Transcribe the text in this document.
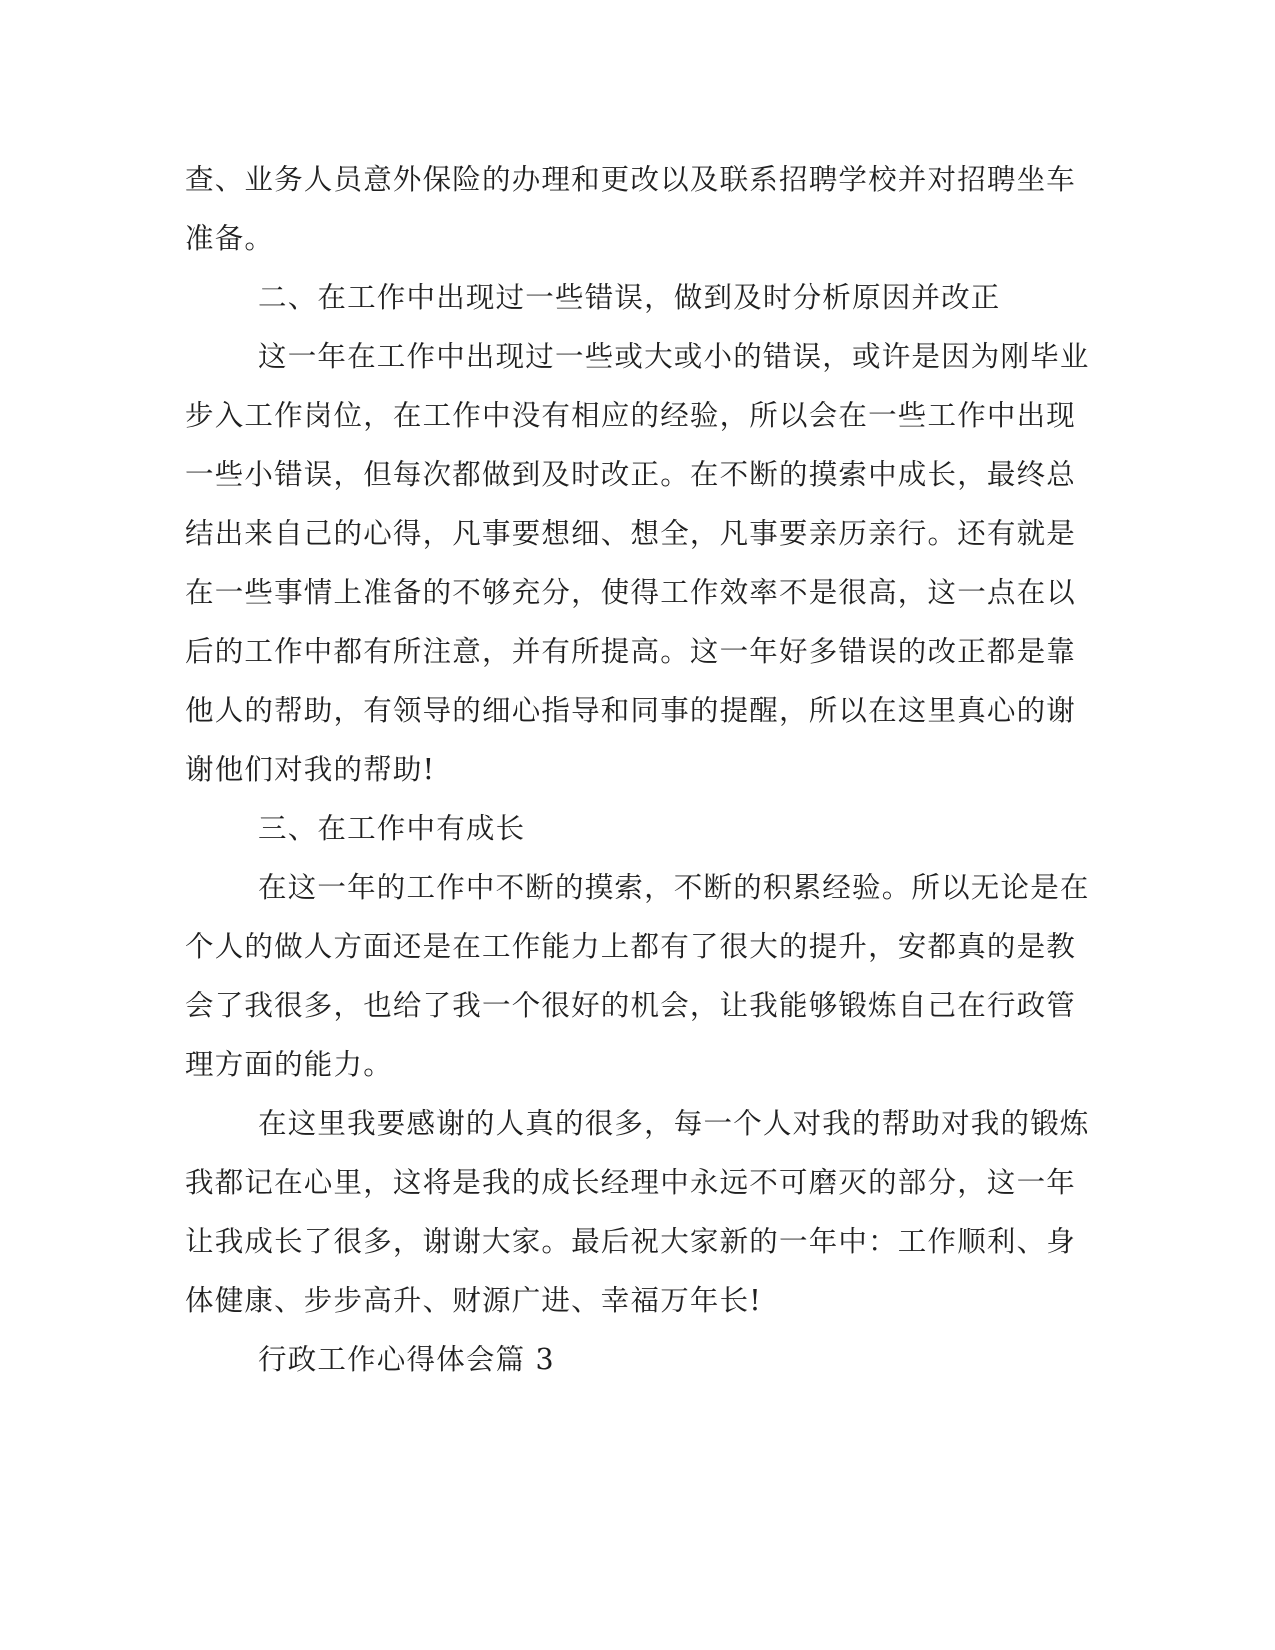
查、业务人员意外保险的办理和更改以及联系招聘学校并对招聘坐车
准备。
二、在工作中出现过一些错误，做到及时分析原因并改正
这一年在工作中出现过一些或大或小的错误，或许是因为刚毕业
步入工作岗位，在工作中没有相应的经验，所以会在一些工作中出现
一些小错误，但每次都做到及时改正。在不断的摸索中成长，最终总
结出来自己的心得，凡事要想细、想全，凡事要亲历亲行。还有就是
在一些事情上准备的不够充分，使得工作效率不是很高，这一点在以
后的工作中都有所注意，并有所提高。这一年好多错误的改正都是靠
他人的帮助，有领导的细心指导和同事的提醒，所以在这里真心的谢
谢他们对我的帮助!
三、在工作中有成长
在这一年的工作中不断的摸索，不断的积累经验。所以无论是在
个人的做人方面还是在工作能力上都有了很大的提升，安都真的是教
会了我很多，也给了我一个很好的机会，让我能够锻炼自己在行政管
理方面的能力。
在这里我要感谢的人真的很多，每一个人对我的帮助对我的锻炼
我都记在心里，这将是我的成长经理中永远不可磨灭的部分，这一年
让我成长了很多，谢谢大家。最后祝大家新的一年中：工作顺利、身
体健康、步步高升、财源广进、幸福万年长!
行政工作心得体会篇 3
